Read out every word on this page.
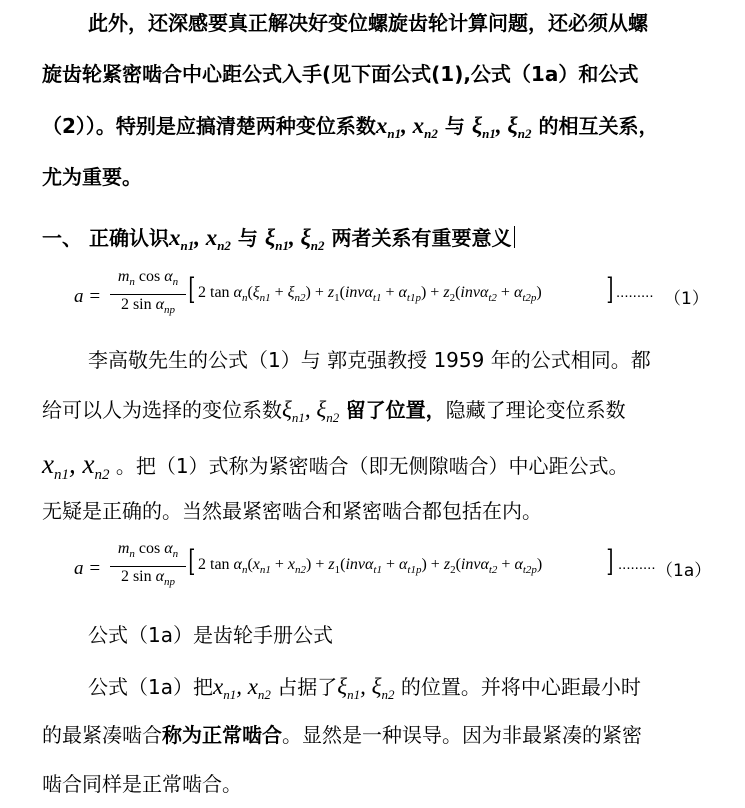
此外，还深感要真正解决好变位螺旋齿轮计算问题，还必须从螺
旋齿轮紧密啮合中心距公式入手(见下面公式(1),公式（1a）和公式
（2））。特别是应搞清楚两种变位系数$x_{n1}$, $x_{n2}$ 与 $\xi_{n1}$, $\xi_{n2}$ 的相互关系，
尤为重要。
一、 正确认识$x_{n1}$, $x_{n2}$ 与 $\xi_{n1}$, $\xi_{n2}$ 两者关系有重要意义
a =
$m_n$ $\cos \alpha_n$
2 $\sin \alpha_{np}$
[ 2 $\tan \alpha_n(\xi_{n1} + \xi_{n2}) + z_1(inv\alpha_{t1} + \alpha_{t1p}) + z_2(inv\alpha_{t2} + \alpha_{t2p})$ ] ......... （1）
李高敬先生的公式（1）与 郭克强教授 1959 年的公式相同。都
给可以人为选择的变位系数$\xi_{n1}$, $\xi_{n2}$ 留了位置，隐藏了理论变位系数
$x_{n1}$, $x_{n2}$ 。把（1）式称为紧密啮合（即无侧隙啮合）中心距公式。
无疑是正确的。当然最紧密啮合和紧密啮合都包括在内。
a =
$m_n$ $\cos \alpha_n$
2 $\sin \alpha_{np}$
[ 2 $\tan \alpha_n(x_{n1} + x_{n2}) + z_1(inv\alpha_{t1} + \alpha_{t1p}) + z_2(inv\alpha_{t2} + \alpha_{t2p})$ ] ......... （1a）
公式（1a）是齿轮手册公式
公式（1a）把$x_{n1}$, $x_{n2}$ 占据了$\xi_{n1}$, $\xi_{n2}$ 的位置。并将中心距最小时
的最紧凑啮合称为正常啮合。显然是一种误导。因为非最紧凑的紧密
啮合同样是正常啮合。
